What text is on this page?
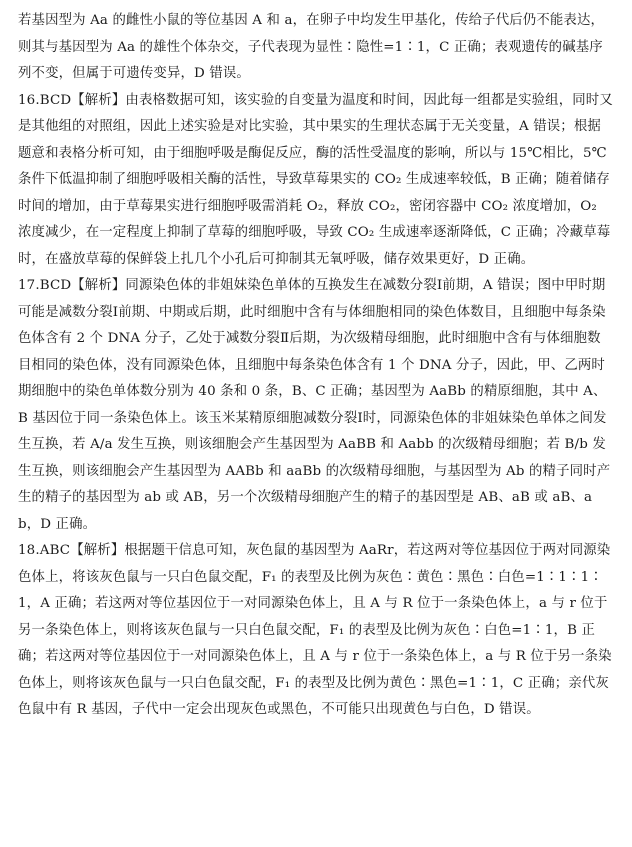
若基因型为 Aa 的雌性小鼠的等位基因 A 和 a，在卵子中均发生甲基化，传给子代后仍不能表达，则其与基因型为 Aa 的雄性个体杂交，子代表现为显性∶隐性=1∶1，C 正确；表观遗传的碱基序列不变，但属于可遗传变异，D 错误。

16.BCD【解析】由表格数据可知，该实验的自变量为温度和时间，因此每一组都是实验组，同时又是其他组的对照组，因此上述实验是对比实验，其中果实的生理状态属于无关变量，A 错误；根据题意和表格分析可知，由于细胞呼吸是酶促反应，酶的活性受温度的影响，所以与 15℃相比，5℃条件下低温抑制了细胞呼吸相关酶的活性，导致草莓果实的 CO₂ 生成速率较低，B 正确；随着储存时间的增加，由于草莓果实进行细胞呼吸需消耗 O₂，释放 CO₂，密闭容器中 CO₂ 浓度增加，O₂ 浓度减少，在一定程度上抑制了草莓的细胞呼吸，导致 CO₂ 生成速率逐渐降低，C 正确；冷藏草莓时，在盛放草莓的保鲜袋上扎几个小孔后可抑制其无氧呼吸，储存效果更好，D 正确。

17.BCD【解析】同源染色体的非姐妹染色单体的互换发生在减数分裂Ⅰ前期，A 错误；图中甲时期可能是减数分裂Ⅰ前期、中期或后期，此时细胞中含有与体细胞相同的染色体数目，且细胞中每条染色体含有 2 个 DNA 分子，乙处于减数分裂Ⅱ后期，为次级精母细胞，此时细胞中含有与体细胞数目相同的染色体，没有同源染色体，且细胞中每条染色体含有 1 个 DNA 分子，因此，甲、乙两时期细胞中的染色单体数分别为 40 条和 0 条，B、C 正确；基因型为 AaBb 的精原细胞，其中 A、B 基因位于同一条染色体上。该玉米某精原细胞减数分裂Ⅰ时，同源染色体的非姐妹染色单体之间发生互换，若 A/a 发生互换，则该细胞会产生基因型为 AaBB 和 Aabb 的次级精母细胞；若 B/b 发生互换，则该细胞会产生基因型为 AABb 和 aaBb 的次级精母细胞，与基因型为 Ab 的精子同时产生的精子的基因型为 ab 或 AB，另一个次级精母细胞产生的精子的基因型是 AB、aB 或 aB、ab，D 正确。

18.ABC【解析】根据题干信息可知，灰色鼠的基因型为 AaRr，若这两对等位基因位于两对同源染色体上，将该灰色鼠与一只白色鼠交配，F₁ 的表型及比例为灰色∶黄色∶黑色∶白色=1∶1∶1∶1，A 正确；若这两对等位基因位于一对同源染色体上，且 A 与 R 位于一条染色体上，a 与 r 位于另一条染色体上，则将该灰色鼠与一只白色鼠交配，F₁ 的表型及比例为灰色∶白色=1∶1，B 正确；若这两对等位基因位于一对同源染色体上，且 A 与 r 位于一条染色体上，a 与 R 位于另一条染色体上，则将该灰色鼠与一只白色鼠交配，F₁ 的表型及比例为黄色∶黑色=1∶1，C 正确；亲代灰色鼠中有 R 基因，子代中一定会出现灰色或黑色，不可能只出现黄色与白色，D 错误。
